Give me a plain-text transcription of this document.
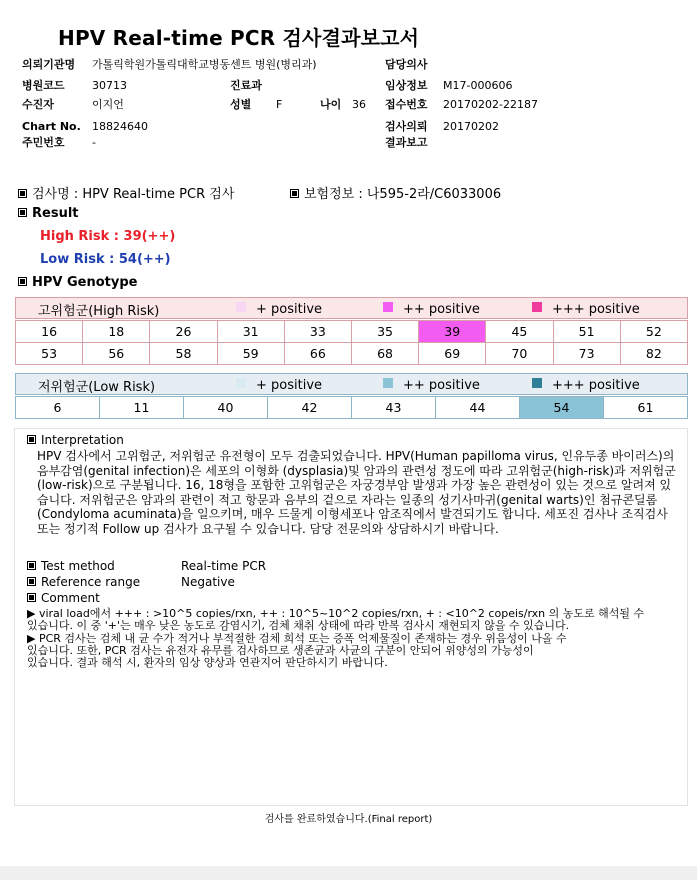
HPV Real-time PCR 검사결과보고서
의뢰기관명 가톨릭학원가톨릭대학교병동센트 병원(병리과)	담당의사
병원코드 30713	진료과	임상정보 M17-000606
수진자	이지언	성별 F	나이 36 접수번호 20170202-22187
Chart No. 18824640	검사의뢰 20170202
주민번호 -	결과보고
검사명 : HPV Real-time PCR 검사	보험정보 : 나595-2라/C6033006
Result
High Risk : 39(++)
Low Risk : 54(++)
HPV Genotype
고위험군(High Risk)	+ positive	++ positive	+++ positive
16	18	26	31	33	35	39	45	51	52
53	56	58	59	66	68	69	70	73	82
저위험군(Low Risk)	+ positive	++ positive	+++ positive
6	11	40	42	43	44	54	61
Interpretation
HPV 검사에서 고위험군, 저위험군 유전형이 모두 검출되었습니다. HPV(Human papilloma virus, 인유두종 바이러스)의 음부감염(genital infection)은 세포의 이형화 (dysplasia)및 암과의 관련성 정도에 따라 고위험군(high-risk)과 저위험군(low-risk)으로 구분됩니다. 16, 18형을 포함한 고위험군은 자궁경부암 발생과 가장 높은 관련성이 있는 것으로 알려져 있습니다. 저위험군은 암과의 관련이 적고 항문과 음부의 겉으로 자라는 일종의 성기사마귀(genital warts)인 첨규콘딜롬(Condyloma acuminata)을 일으키며, 매우 드물게 이형세포나 암조직에서 발견되기도 합니다. 세포진 검사나 조직검사 또는 정기적 Follow up 검사가 요구될 수 있습니다. 담당 전문의와 상담하시기 바랍니다.
Test method	Real-time PCR
Reference range	Negative
Comment
▶ viral load에서 +++ : >10^5 copies/rxn, ++ : 10^5~10^2 copies/rxn, + : <10^2 copeis/rxn 의 농도로 해석될 수
있습니다. 이 중 '+'는 매우 낮은 농도로 감염시기, 검체 채취 상태에 따라 반복 검사시 재현되지 않을 수 있습니다.
▶ PCR 검사는 검체 내 균 수가 적거나 부적절한 검체 희석 또는 증폭 억제물질이 존재하는 경우 위음성이 나올 수
있습니다. 또한, PCR 검사는 유전자 유무를 검사하므로 생존균과 사균의 구분이 안되어 위양성의 가능성이
있습니다. 결과 해석 시, 환자의 임상 양상과 연관지어 판단하시기 바랍니다.
검사를 완료하였습니다.(Final report)
